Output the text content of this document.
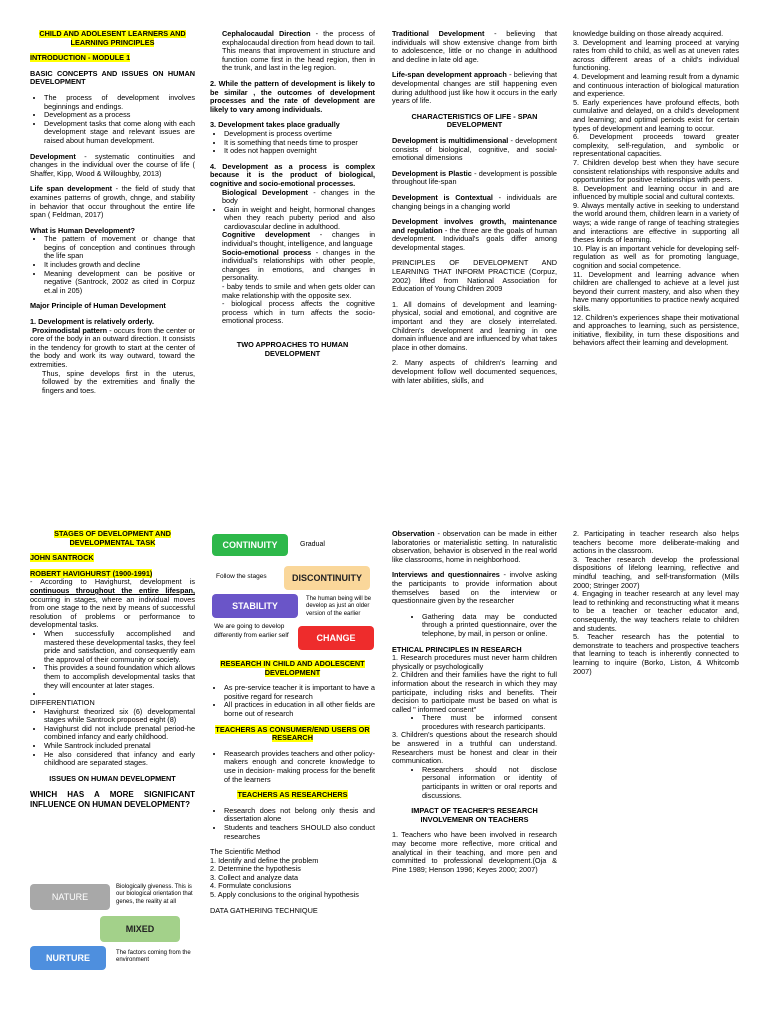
CHILD AND ADOLESENT LEARNERS AND LEARNING PRINCIPLES

INTRODUCTION - MODULE 1

BASIC CONCEPTS AND ISSUES ON HUMAN DEVELOPMENT

• The process of development involves beginnings and endings.
• Development as a process
• Development tasks that come along with each development stage and relevant issues are raised about human development.

Development - systematic continuities and changes in the individual over the course of life ( Shaffer, Kipp, Wood & Willoughby, 2013)

Life span development - the field of study that examines patterns of growth, chnge, and stability in behavior that occur throughout the entire life span ( Feldman, 2017)

What is Human Development?

• The pattern of movement or change that begins of conception and continues through the life span
• It includes growth and decline
• Meaning development can be positive or negative (Santrock, 2002 as cited in Corpuz et.al in 205)

Major Principle of Human Development

1. Development is relatively orderly.

Proximodistal pattern - occurs from the center or core of the body in an outward direction. It consists in the tendency for growth to start at the center of the body and work its way outward, toward the extremities.

Thus, spine develops first in the uterus, followed by the extremities and finally the fingers and toes.

Cephalocaudal Direction - the process of exphalocaudal direction from head down to tail. This means that improvement in structure and function come first in the head region, then in the trunk, and last in the leg region.

2. While the pattern of development is likely to be similar , the outcomes of development processes and the rate of development are likely to vary among individuals.

3. Development takes place gradually

• Development is process overtime
• It is something that needs time to prosper
• It odes not happen overnight

4. Development as a process is complex because it is the product of biological, cognitive and socio-emotional processes.

Biological Development - changes in the body

• Gain in weight and height, hormonal changes when they reach puberty period and also cardiovascular decline in adulthood.

Cognitive development - changes in individual's thought, intelligence, and language

Socio-emotional process - changes in the individual's relationships with other people, changes in emotions, and changes in personality.

- baby tends to smile and when gets older can make relationship with the opposite sex.

- biological process affects the cognitive process which in turn affects the socio-emotional process.

TWO APPROACHES TO HUMAN DEVELOPMENT

Traditional Development - believing that individuals will show extensive change from birth to adolescence, little or no change in adulthood and decline in late old age.

Life-span development approach - believing that developmental changes are still happening even during adulthood just like how it occurs in the early years of life.

CHARACTERISTICS OF LIFE - SPAN DEVELOPMENT

Development is multidimensional - development consists of biological, cognitive, and social-emotional dimensions

Development is Plastic - development is possible throughout life-span

Development is Contextual - individuals are changing beings in a changing world

Development involves growth, maintenance and regulation - the three are the goals of human development. Individual's goals differ among developmental stages.

PRINCIPLES OF DEVELOPMENT AND LEARNING THAT INFORM PRACTICE (Corpuz, 2002) lifted from National Association for Education of Young Children 2009

1. All domains of development and learning-physical, social and emotional, and cognitive are important and they are closely interrelated. Children's development and learning in one domain influence and are influenced by what takes place in other domains.

2. Many aspects of children's learning and development follow well documented sequences, with later abilities, skills, and

knowledge building on those already acquired.

3. Development and learning proceed at varying rates from child to child, as well as at uneven rates across different areas of a child's individual functioning.

4. Development and learning result from a dynamic and continuous interaction of biological maturation and experience.

5. Early experiences have profound effects, both cumulative and delayed, on a child's development and learning; and optimal periods exist for certain types of development and learning to occur.

6. Development proceeds toward greater complexity, self-regulation, and symbolic or representational capacities.

7. Children develop best when they have secure consistent relationships with responsive adults and opportunities for positive relationships with peers.

8. Development and learning occur in and are influenced by multiple social and cultural contexts.

9. Always mentally active in seeking to understand the world around them, children learn in a variety of ways; a wide range of range of teaching strategies and interactions are effective in supporting all theses kinds of learning.

10. Play is an important vehicle for developing self-regulation as well as for promoting language, cognition and social competence.

11. Development and learning advance when children are challenged to achieve at a level just beyond their current mastery, and also when they have many opportunities to practice newly acquired skills.

12. Children's experiences shape their motivational and approaches to learning, such as persistence, initiative, flexibility, in turn these dispositions and behaviors affect their learning and development.

STAGES OF DEVELOPMENT AND DEVELOPMENTAL TASK

JOHN SANTROCK

ROBERT HAVIGHURST (1900-1991)

- According to Havighurst, development is continuous throughout the entire lifespan, occurring in stages, where an individual moves from one stage to the next by means of successful resolution of problems or performance to developmental tasks.

• When successfully accomplished and mastered these developmental tasks, they feel pride and satisfaction, and consequently earn the approval of their community or society.
• This provides a sound foundation which allows them to accomplish developmental tasks that they will encounter at later stages.
•

DIFFERENTIATION

• Havighurst theorized six (6) developmental stages while Santrock proposed eight (8)
• Havighurst did not include prenatal period-he combined infancy and early childhood.
• While Santrock included prenatal
• He also considered that infancy and early childhood are separated stages.

ISSUES ON HUMAN DEVELOPMENT

WHICH HAS A MORE SIGNIFICANT INFLUENCE ON HUMAN DEVELOPMENT?

NATURE
Biologically giveness. This is our biological orientation that genes, the reality at all
MIXED
NURTURE	The factors coming from the environment
CONTINUITY	Gradual
Follow the stages	DISCONTINUITY
STABILITY
The human being will be develop as just an older version of the earlier
We are going to develop differently from earlier self	CHANGE

RESEARCH IN CHILD AND ADOLESCENT DEVELOPMENT

• As pre-service teacher it is important to have a positive regard for research
• All practices in education in all other fields are borne out of research

TEACHERS AS CONSUMER/END USERS OR RESEARCH

• Reasearch provides teachers and other policy-makers enough and concrete knowledge to use in decision- making process for the benefit of the learners

TEACHERS AS RESEARCHERS

• Research does not belong only thesis and dissertation alone
• Students and teachers SHOULD also conduct researches

The Scientific Method

1. Identify and define the problem
2. Determine the hypothesis
3. Collect and analyze data
4. Formulate conclusions
5. Apply conclusions to the original hypothesis

DATA GATHERING TECHNIQUE

Observation - observation can be made in either laboratories or materialistic setting. In naturalistic observation, behavior is observed in the real world like classrooms, home in neighborhood.

Interviews and questionnaires - involve asking the participants to provide information about themselves based on the interview or questionnaire given by the researcher

• Gathering data may be conducted through a printed questionnaire, over the telephone, by mail, in person or online.

ETHICAL PRINCIPLES IN RESEARCH

1. Research procedures must never harm children physically or psychologically

2. Children and their families have the right to full information about the research in which they may participate, including risks and benefits. Their decision to participate must be based on what is called " informed consent"

• There must be informed consent procedures with research participants.

3. Children's questions about the research should be answered in a truthful can understand. Researchers must be honest and clear in their communication.

• Researchers should not disclose personal information or identity of participants in written or oral reports and discussions.

IMPACT OF TEACHER'S RESEARCH INVOLVEMENR ON TEACHERS

1. Teachers who have been involved in research may become more reflective, more critical and analytical in their teaching, and more pen and committed to professional development.(Oja & Pine 1989; Henson 1996; Keyes 2000; 2007)

2. Participating in teacher research also helps teachers become more deliberate-making and actions in the classroom.

3. Teacher research develop the professional dispositions of lifelong learning, reflective and mindful teaching, and self-transformation (Mills 2000; Stringer 2007)

4. Engaging in teacher research at any level may lead to rethinking and reconstructing what it means to be a teacher or teacher educator and, consequently, the way teachers relate to children and students.

5. Teacher research has the potential to demonstrate to teachers and prospective teachers that learning to teach is inherently connected to learning to inquire (Borko, Liston, & Whitcomb 2007)
